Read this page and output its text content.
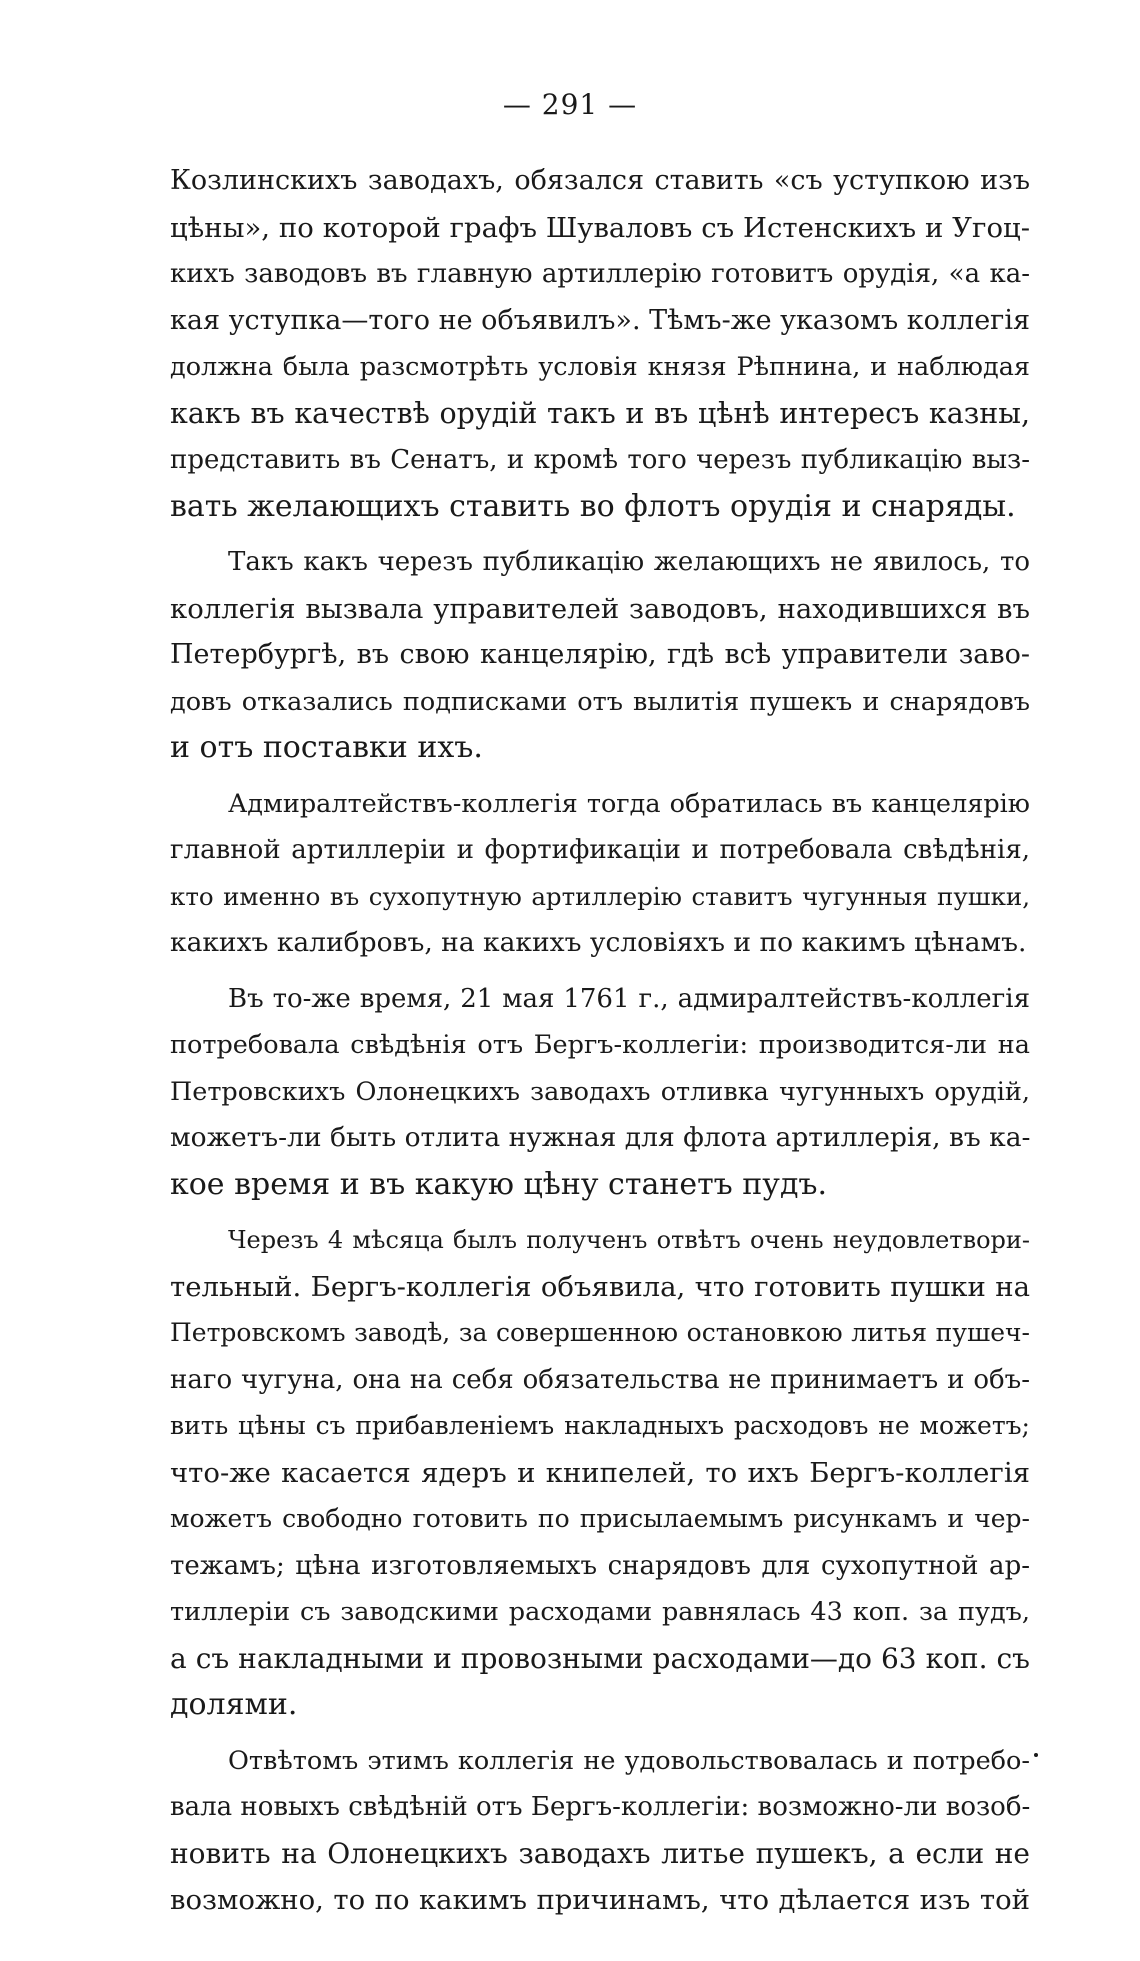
— 291 —
Козлинскихъ заводахъ, обязался ставить «съ уступкою изъ
цѣны», по которой графъ Шуваловъ съ Истенскихъ и Угоц-
кихъ заводовъ въ главную артиллерію готовитъ орудія, «а ка-
кая уступка—того не объявилъ». Тѣмъ-же указомъ коллегія
должна была разсмотрѣть условія князя Рѣпнина, и наблюдая
какъ въ качествѣ орудій такъ и въ цѣнѣ интересъ казны,
представить въ Сенатъ, и кромѣ того черезъ публикацію выз-
вать желающихъ ставить во флотъ орудія и снаряды.
Такъ какъ черезъ публикацію желающихъ не явилось, то
коллегія вызвала управителей заводовъ, находившихся въ
Петербургѣ, въ свою канцелярію, гдѣ всѣ управители заво-
довъ отказались подписками отъ вылитія пушекъ и снарядовъ
и отъ поставки ихъ.
Адмиралтействъ-коллегія тогда обратилась въ канцелярію
главной артиллеріи и фортификаціи и потребовала свѣдѣнія,
кто именно въ сухопутную артиллерію ставитъ чугунныя пушки,
какихъ калибровъ, на какихъ условіяхъ и по какимъ цѣнамъ.
Въ то-же время, 21 мая 1761 г., адмиралтействъ-коллегія
потребовала свѣдѣнія отъ Бергъ-коллегіи: производится-ли на
Петровскихъ Олонецкихъ заводахъ отливка чугунныхъ орудій,
можетъ-ли быть отлита нужная для флота артиллерія, въ ка-
кое время и въ какую цѣну станетъ пудъ.
Черезъ 4 мѣсяца былъ полученъ отвѣтъ очень неудовлетвори-
тельный. Бергъ-коллегія объявила, что готовить пушки на
Петровскомъ заводѣ, за совершенною остановкою литья пушеч-
наго чугуна, она на себя обязательства не принимаетъ и объ-
вить цѣны съ прибавленіемъ накладныхъ расходовъ не можетъ;
что-же касается ядеръ и книпелей, то ихъ Бергъ-коллегія
можетъ свободно готовить по присылаемымъ рисункамъ и чер-
тежамъ; цѣна изготовляемыхъ снарядовъ для сухопутной ар-
тиллеріи съ заводскими расходами равнялась 43 коп. за пудъ,
а съ накладными и провозными расходами—до 63 коп. съ
долями.
Отвѣтомъ этимъ коллегія не удовольствовалась и потребо-
вала новыхъ свѣдѣній отъ Бергъ-коллегіи: возможно-ли возоб-
новить на Олонецкихъ заводахъ литье пушекъ, а если не
возможно, то по какимъ причинамъ, что дѣлается изъ той
